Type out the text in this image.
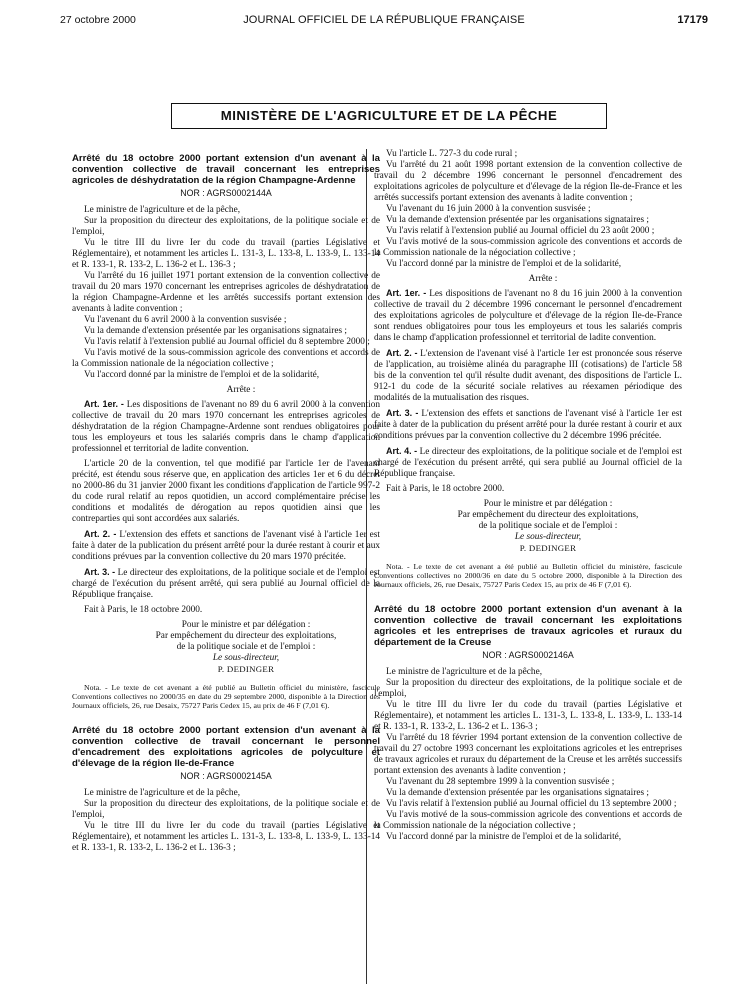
27 octobre 2000	JOURNAL OFFICIEL DE LA RÉPUBLIQUE FRANÇAISE	17179
MINISTÈRE DE L'AGRICULTURE ET DE LA PÊCHE
Arrêté du 18 octobre 2000 portant extension d'un avenant à la convention collective de travail concernant les entreprises agricoles de déshydratation de la région Champagne-Ardenne
NOR : AGRS0002144A

Le ministre de l'agriculture et de la pêche,

Sur la proposition du directeur des exploitations, de la politique sociale et de l'emploi,

Vu le titre III du livre Ier du code du travail (parties Législative et Réglementaire), et notamment les articles L. 131-3, L. 133-8, L. 133-9, L. 133-14 et R. 133-1, R. 133-2, L. 136-2 et L. 136-3 ;

Vu l'arrêté du 16 juillet 1971 portant extension de la convention collective de travail du 20 mars 1970 concernant les entreprises agricoles de déshydratation de la région Champagne-Ardenne et les arrêtés successifs portant extension des avenants à ladite convention ;

Vu l'avenant du 6 avril 2000 à la convention susvisée ;

Vu la demande d'extension présentée par les organisations signataires ;

Vu l'avis relatif à l'extension publié au Journal officiel du 8 septembre 2000 ;

Vu l'avis motivé de la sous-commission agricole des conventions et accords de la Commission nationale de la négociation collective ;

Vu l'accord donné par la ministre de l'emploi et de la solidarité,

Arrête :

Art. 1er. - Les dispositions de l'avenant no 89 du 6 avril 2000 à la convention collective de travail du 20 mars 1970 concernant les entreprises agricoles de déshydratation de la région Champagne-Ardenne sont rendues obligatoires pour tous les employeurs et tous les salariés compris dans le champ d'application professionnel et territorial de ladite convention.

L'article 20 de la convention, tel que modifié par l'article 1er de l'avenant précité, est étendu sous réserve que, en application des articles 1er et 6 du décret no 2000-86 du 31 janvier 2000 fixant les conditions d'application de l'article 997-2 du code rural relatif au repos quotidien, un accord complémentaire précise les conditions et modalités de dérogation au repos quotidien ainsi que les contreparties qui sont accordées aux salariés.

Art. 2. - L'extension des effets et sanctions de l'avenant visé à l'article 1er est faite à dater de la publication du présent arrêté pour la durée restant à courir et aux conditions prévues par la convention collective du 20 mars 1970 précitée.

Art. 3. - Le directeur des exploitations, de la politique sociale et de l'emploi est chargé de l'exécution du présent arrêté, qui sera publié au Journal officiel de la République française.

Fait à Paris, le 18 octobre 2000.
Pour le ministre et par délégation :
Par empêchement du directeur des exploitations,
de la politique sociale et de l'emploi :
Le sous-directeur,
P. DEDINGER

Nota. - Le texte de cet avenant a été publié au Bulletin officiel du ministère, fascicule Conventions collectives no 2000/35 en date du 29 septembre 2000, disponible à la Direction des Journaux officiels, 26, rue Desaix, 75727 Paris Cedex 15, au prix de 46 F (7,01 €).

Arrêté du 18 octobre 2000 portant extension d'un avenant à la convention collective de travail concernant le personnel d'encadrement des exploitations agricoles de polyculture et d'élevage de la région Ile-de-France
NOR : AGRS0002145A

Le ministre de l'agriculture et de la pêche,

Sur la proposition du directeur des exploitations, de la politique sociale et de l'emploi,

Vu le titre III du livre Ier du code du travail (parties Législative et Réglementaire), et notamment les articles L. 131-3, L. 133-8, L. 133-9, L. 133-14 et R. 133-1, R. 133-2, L. 136-2 et L. 136-3 ;

Vu l'article L. 727-3 du code rural ;

Vu l'arrêté du 21 août 1998 portant extension de la convention collective de travail du 2 décembre 1996 concernant le personnel d'encadrement des exploitations agricoles de polyculture et d'élevage de la région Ile-de-France et les arrêtés successifs portant extension des avenants à ladite convention ;

Vu l'avenant du 16 juin 2000 à la convention susvisée ;

Vu la demande d'extension présentée par les organisations signataires ;

Vu l'avis relatif à l'extension publié au Journal officiel du 23 août 2000 ;

Vu l'avis motivé de la sous-commission agricole des conventions et accords de la Commission nationale de la négociation collective ;

Vu l'accord donné par la ministre de l'emploi et de la solidarité,

Arrête :

Art. 1er. - Les dispositions de l'avenant no 8 du 16 juin 2000 à la convention collective de travail du 2 décembre 1996 concernant le personnel d'encadrement des exploitations agricoles de polyculture et d'élevage de la région Ile-de-France sont rendues obligatoires pour tous les employeurs et tous les salariés compris dans le champ d'application professionnel et territorial de ladite convention.

Art. 2. - L'extension de l'avenant visé à l'article 1er est prononcée sous réserve de l'application, au troisième alinéa du paragraphe III (cotisations) de l'article 58 bis de la convention tel qu'il résulte dudit avenant, des dispositions de l'article L. 912-1 du code de la sécurité sociale relatives au réexamen périodique des modalités de la mutualisation des risques.

Art. 3. - L'extension des effets et sanctions de l'avenant visé à l'article 1er est faite à dater de la publication du présent arrêté pour la durée restant à courir et aux conditions prévues par la convention collective du 2 décembre 1996 précitée.

Art. 4. - Le directeur des exploitations, de la politique sociale et de l'emploi est chargé de l'exécution du présent arrêté, qui sera publié au Journal officiel de la République française.

Fait à Paris, le 18 octobre 2000.
Pour le ministre et par délégation :
Par empêchement du directeur des exploitations,
de la politique sociale et de l'emploi :
Le sous-directeur,
P. DEDINGER

Nota. - Le texte de cet avenant a été publié au Bulletin officiel du ministère, fascicule Conventions collectives no 2000/36 en date du 5 octobre 2000, disponible à la Direction des Journaux officiels, 26, rue Desaix, 75727 Paris Cedex 15, au prix de 46 F (7,01 €).

Arrêté du 18 octobre 2000 portant extension d'un avenant à la convention collective de travail concernant les exploitations agricoles et les entreprises de travaux agricoles et ruraux du département de la Creuse
NOR : AGRS0002146A

Le ministre de l'agriculture et de la pêche,

Sur la proposition du directeur des exploitations, de la politique sociale et de l'emploi,

Vu le titre III du livre Ier du code du travail (parties Législative et Réglementaire), et notamment les articles L. 131-3, L. 133-8, L. 133-9, L. 133-14 et R. 133-1, R. 133-2, L. 136-2 et L. 136-3 ;

Vu l'arrêté du 18 février 1994 portant extension de la convention collective de travail du 27 octobre 1993 concernant les exploitations agricoles et les entreprises de travaux agricoles et ruraux du département de la Creuse et les arrêtés successifs portant extension des avenants à ladite convention ;

Vu l'avenant du 28 septembre 1999 à la convention susvisée ;

Vu la demande d'extension présentée par les organisations signataires ;

Vu l'avis relatif à l'extension publié au Journal officiel du 13 septembre 2000 ;

Vu l'avis motivé de la sous-commission agricole des conventions et accords de la Commission nationale de la négociation collective ;

Vu l'accord donné par la ministre de l'emploi et de la solidarité,
